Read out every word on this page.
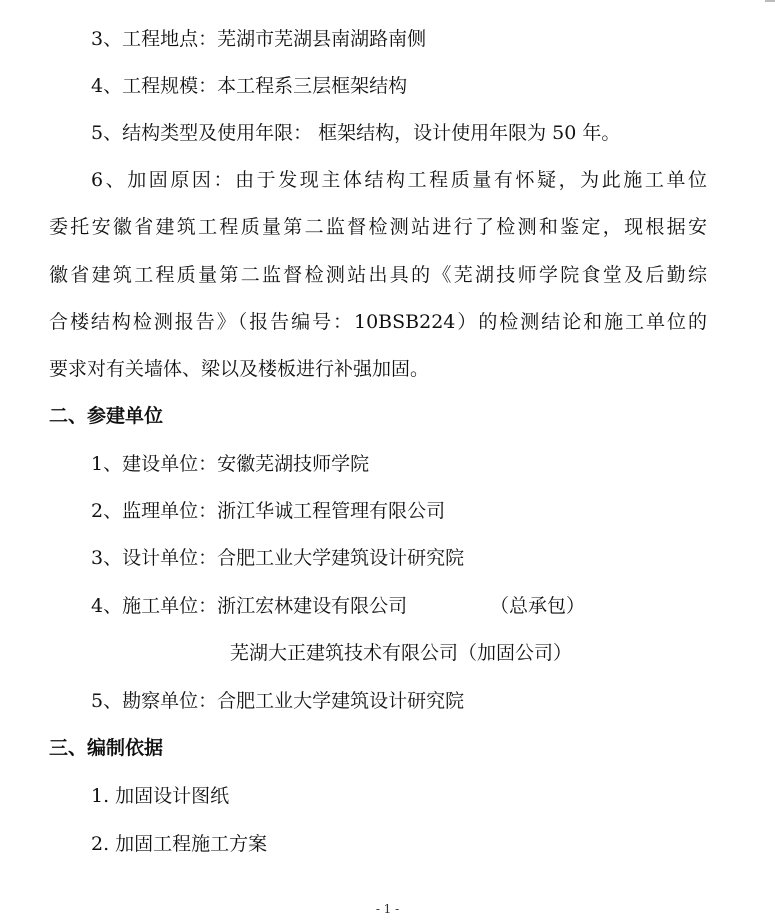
3、工程地点：芜湖市芜湖县南湖路南侧
4、工程规模：本工程系三层框架结构
5、结构类型及使用年限： 框架结构，设计使用年限为 50 年。
6、加固原因：由于发现主体结构工程质量有怀疑，为此施工单位
委托安徽省建筑工程质量第二监督检测站进行了检测和鉴定，现根据安
徽省建筑工程质量第二监督检测站出具的《芜湖技师学院食堂及后勤综
合楼结构检测报告》（报告编号：10BSB224）的检测结论和施工单位的
要求对有关墙体、梁以及楼板进行补强加固。
二、参建单位
1、建设单位：安徽芜湖技师学院
2、监理单位：浙江华诚工程管理有限公司
3、设计单位：合肥工业大学建筑设计研究院
4、施工单位：浙江宏林建设有限公司	（总承包）
芜湖大正建筑技术有限公司（加固公司）
5、勘察单位：合肥工业大学建筑设计研究院
三、编制依据
1. 加固设计图纸
2. 加固工程施工方案
- 1 -
